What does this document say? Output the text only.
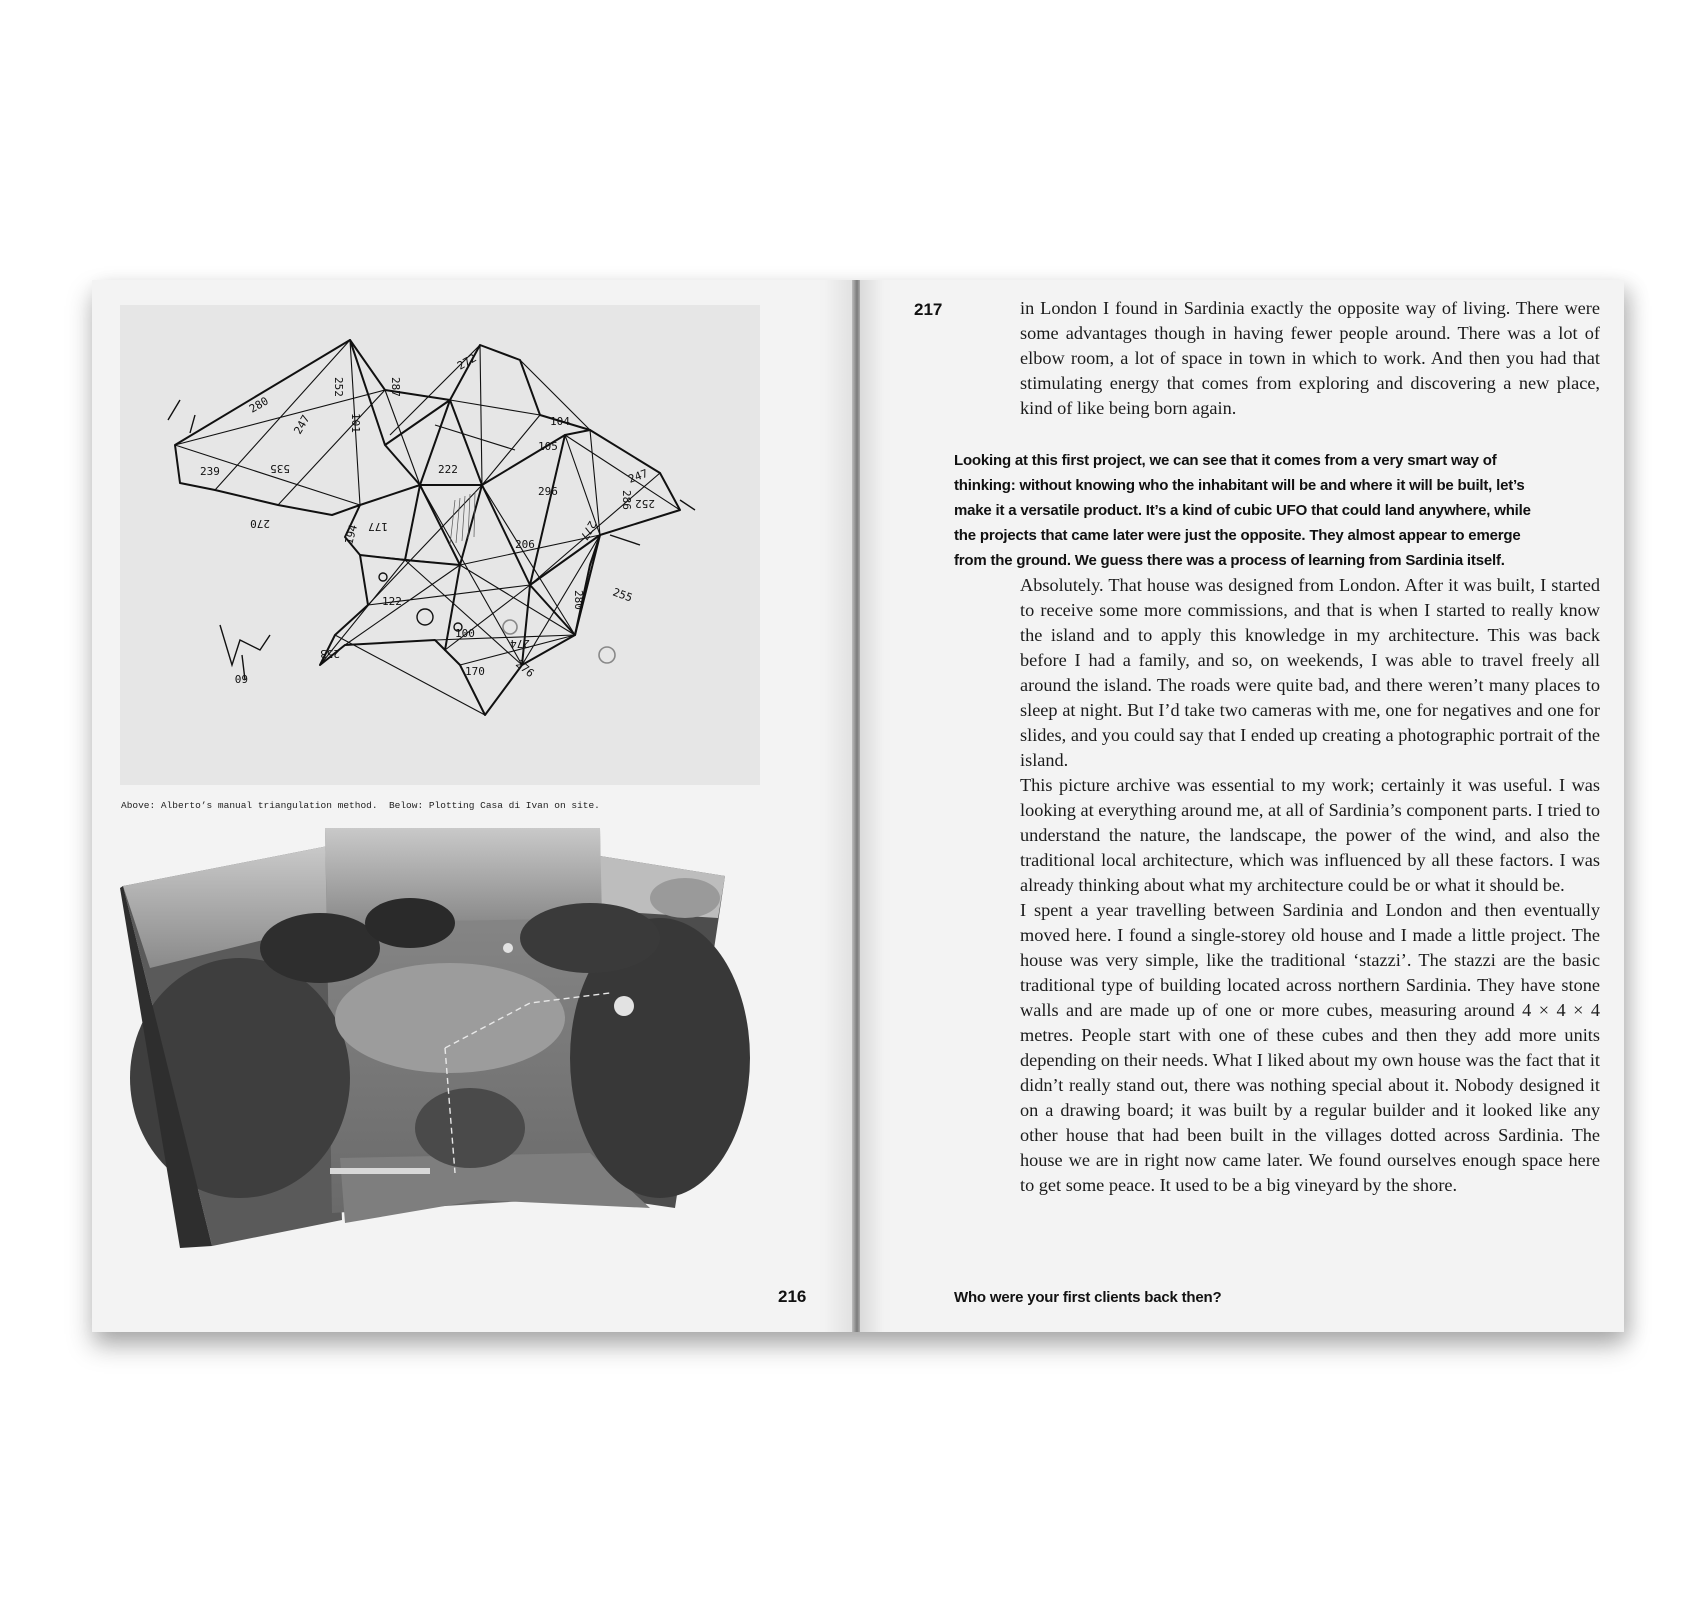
280
239	535
247	101
287
252
272
104
105
247
270
222
177
206
296
277
286 252
194
122
253
100
170
274
276
280
60
255
Above: Alberto’s manual triangulation method.  Below: Plotting Casa di Ivan on site.
216
217	in London I found in Sardinia exactly the opposite way of living. There were some advantages though in having fewer people around. There was a lot of elbow room, a lot of space in town in which to work. And then you had that stimulating energy that comes from exploring and discovering a new place, kind of like being born again.

Looking at this first project, we can see that it comes from a very smart way of
thinking: without knowing who the inhabitant will be and where it will be built, let’s
make it a versatile product. It’s a kind of cubic UFO that could land anywhere, while
the projects that came later were just the opposite. They almost appear to emerge
from the ground. We guess there was a process of learning from Sardinia itself.

Absolutely. That house was designed from London. After it was built, I started to receive some more commissions, and that is when I started to really know the island and to apply this knowledge in my architecture. This was back before I had a family, and so, on weekends, I was able to travel freely all around the island. The roads were quite bad, and there weren’t many places to sleep at night. But I’d take two cameras with me, one for negatives and one for slides, and you could say that I ended up creating a photographic portrait of the island.

This picture archive was essential to my work; certainly it was useful. I was looking at everything around me, at all of Sardinia’s component parts. I tried to understand the nature, the landscape, the power of the wind, and also the traditional local architecture, which was influenced by all these factors. I was already thinking about what my architecture could be or what it should be.

I spent a year travelling between Sardinia and London and then eventually moved here. I found a single-storey old house and I made a little project. The house was very simple, like the traditional ‘stazzi’. The stazzi are the basic traditional type of building located across northern Sardinia. They have stone walls and are made up of one or more cubes, measuring around 4 × 4 × 4 metres. People start with one of these cubes and then they add more units depending on their needs. What I liked about my own house was the fact that it didn’t really stand out, there was nothing special about it. Nobody designed it on a drawing board; it was built by a regular builder and it looked like any other house that had been built in the villages dotted across Sardinia. The house we are in right now came later. We found ourselves enough space here to get some peace. It used to be a big vineyard by the shore.

Who were your first clients back then?
